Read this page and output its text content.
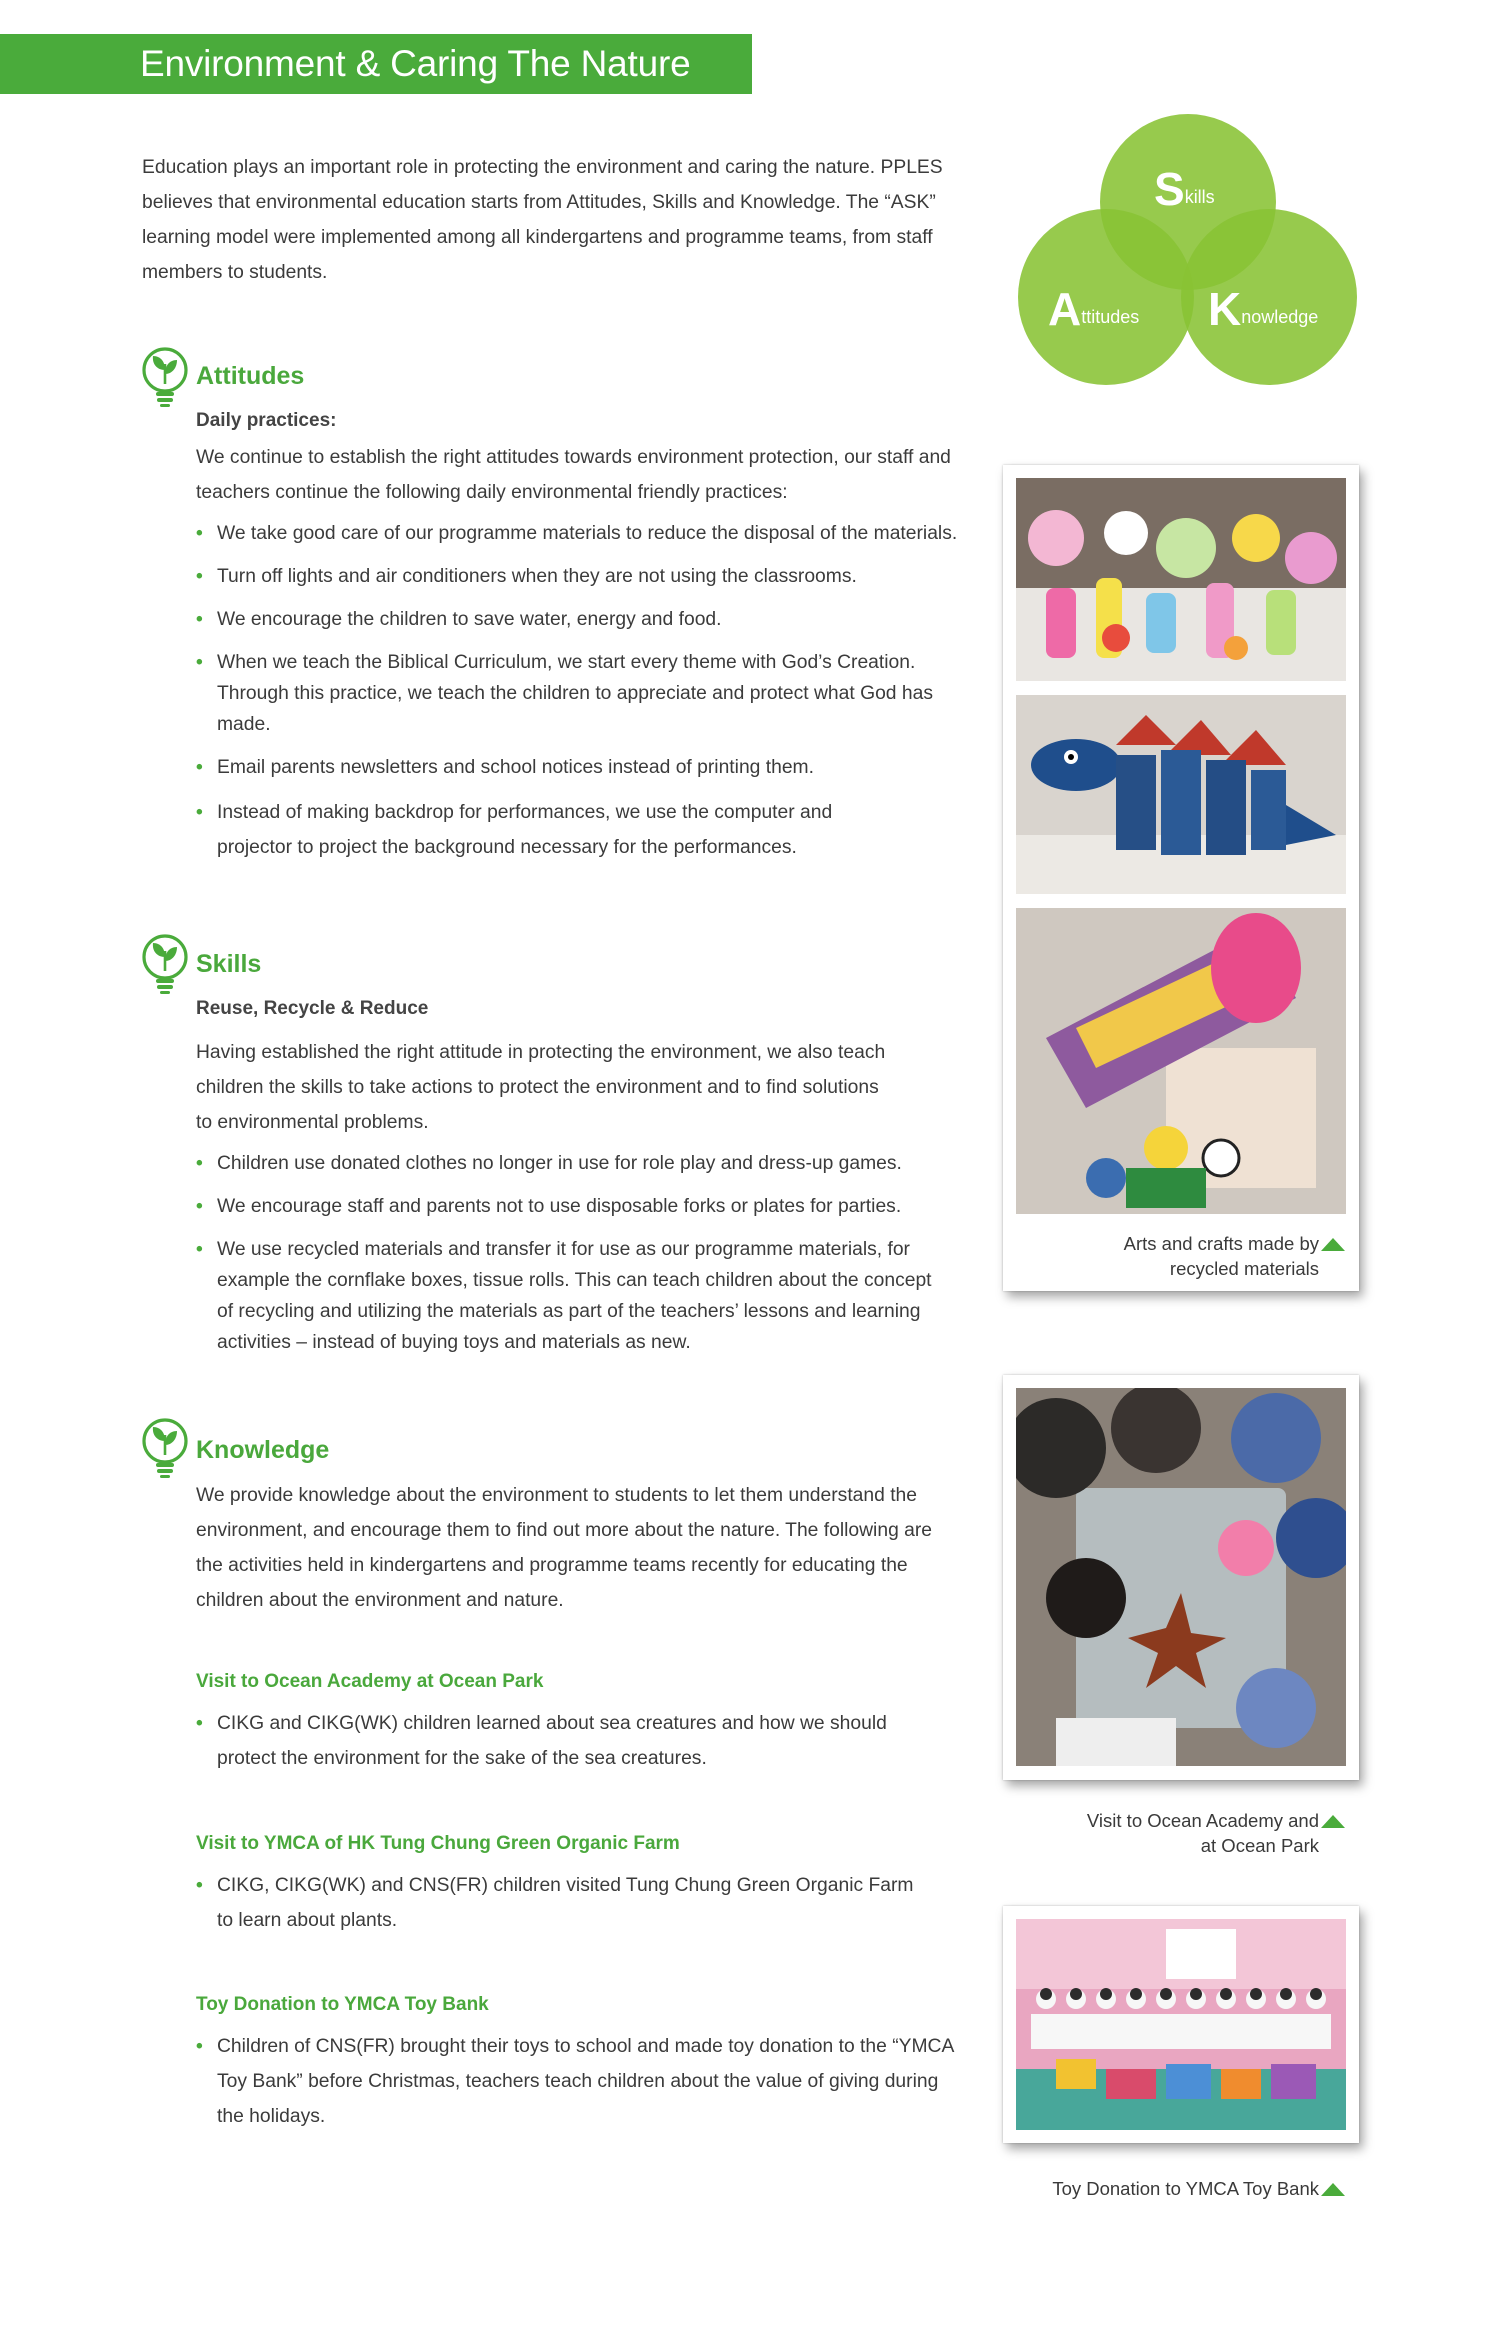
Environment & Caring The Nature

Education plays an important role in protecting the environment and caring the nature. PPLES believes that environmental education starts from Attitudes, Skills and Knowledge. The “ASK” learning model were implemented among all kindergartens and programme teams, from staff members to students.

Skills
Attitudes Knowledge
Attitudes
Daily practices:

We continue to establish the right attitudes towards environment protection, our staff and teachers continue the following daily environmental friendly practices:

• We take good care of our programme materials to reduce the disposal of the materials.
• Turn off lights and air conditioners when they are not using the classrooms.
• We encourage the children to save water, energy and food.
• When we teach the Biblical Curriculum, we start every theme with God’s Creation. Through this practice, we teach the children to appreciate and protect what God has made.
• Email parents newsletters and school notices instead of printing them.
• Instead of making backdrop for performances, we use the computer and projector to project the background necessary for the performances.
Skills
Reuse, Recycle & Reduce

Having established the right attitude in protecting the environment, we also teach children the skills to take actions to protect the environment and to find solutions to environmental problems.

• Children use donated clothes no longer in use for role play and dress-up games.
• We encourage staff and parents not to use disposable forks or plates for parties.
• We use recycled materials and transfer it for use as our programme materials, for example the cornflake boxes, tissue rolls. This can teach children about the concept of recycling and utilizing the materials as part of the teachers’ lessons and learning activities – instead of buying toys and materials as new.
Knowledge

We provide knowledge about the environment to students to let them understand the environment, and encourage them to find out more about the nature. The following are the activities held in kindergartens and programme teams recently for educating the children about the environment and nature.

Visit to Ocean Academy at Ocean Park
• CIKG and CIKG(WK) children learned about sea creatures and how we should protect the environment for the sake of the sea creatures.
Visit to YMCA of HK Tung Chung Green Organic Farm
• CIKG, CIKG(WK) and CNS(FR) children visited Tung Chung Green Organic Farm to learn about plants.
Toy Donation to YMCA Toy Bank
• Children of CNS(FR) brought their toys to school and made toy donation to the “YMCA Toy Bank” before Christmas, teachers teach children about the value of giving during the holidays.
Arts and crafts made by
recycled materials
Visit to Ocean Academy and
at Ocean Park
Toy Donation to YMCA Toy Bank
